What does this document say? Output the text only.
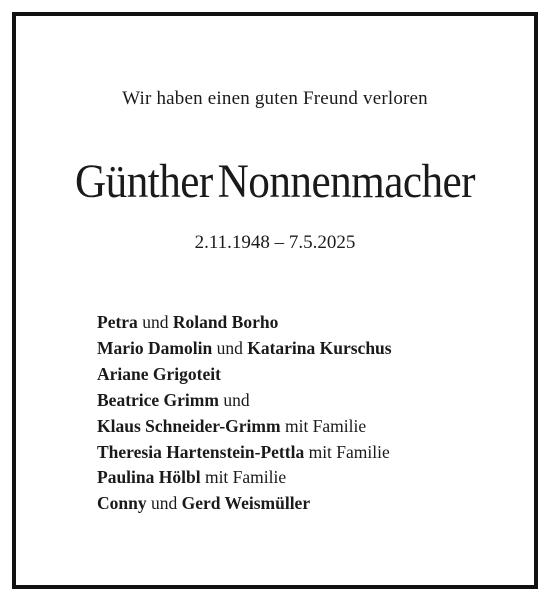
Wir haben einen guten Freund verloren
Günther Nonnenmacher
2.11.1948 – 7.5.2025
Petra und Roland Borho
Mario Damolin und Katarina Kurschus
Ariane Grigoteit
Beatrice Grimm und
Klaus Schneider-Grimm mit Familie
Theresia Hartenstein-Pettla mit Familie
Paulina Hölbl mit Familie
Conny und Gerd Weismüller
